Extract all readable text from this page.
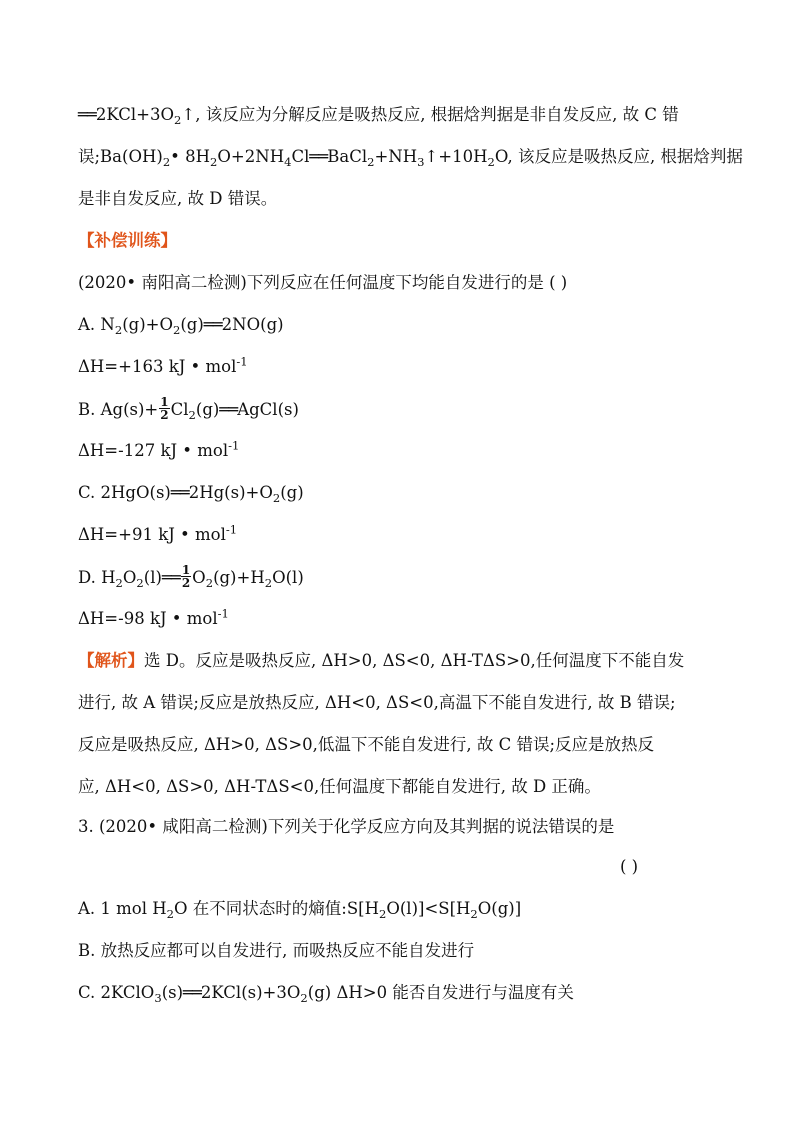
$══2KCl+3O_2↑$, 该反应为分解反应是吸热反应, 根据焓判据是非自发反应, 故 C 错
误$;Ba(OH)_2•$ $8H_2O+2NH_4Cl══BaCl_2+NH_3↑+10H_2O$, 该反应是吸热反应, 根据焓判据
是非自发反应, 故 D 错误。
【补偿训练】
(2020• 南阳高二检测)下列反应在任何温度下均能自发进行的是 ( )
A. $N_2(g)+O_2(g)══2NO(g)$
ΔH=+163 kJ • mol$^{-1}$
B. $Ag(s)+ \frac{1}{2}$ $Cl_2(g)══AgCl(s)$
ΔH=-127 kJ • mol$^{-1}$
C. $2HgO(s)══2Hg(s)+O_2(g)$
ΔH=+91 kJ • mol$^{-1}$
D. $H_2O_2(l)══ \frac{1}{2} O_2(g)+H_2O(l)$
ΔH=-98 kJ • mol$^{-1}$
【解析】选 D。反应是吸热反应, ΔH>0, ΔS<0, ΔH-TΔS>0,任何温度下不能自发
进行, 故 A 错误;反应是放热反应, ΔH<0, ΔS<0,高温下不能自发进行, 故 B 错误;
反应是吸热反应, ΔH>0, ΔS>0,低温下不能自发进行, 故 C 错误;反应是放热反
应, ΔH<0, ΔS>0, ΔH-TΔS<0,任何温度下都能自发进行, 故 D 正确。
3. (2020• 咸阳高二检测)下列关于化学反应方向及其判据的说法错误的是
( )
A. 1 mol $H_2O$ 在不同状态时的熵值$:S[H_2O(l)]<S[H_2O(g)]$
B. 放热反应都可以自发进行, 而吸热反应不能自发进行
C. $2KClO_3(s)══2KCl(s)+3O_2(g)$ ΔH>0 能否自发进行与温度有关
